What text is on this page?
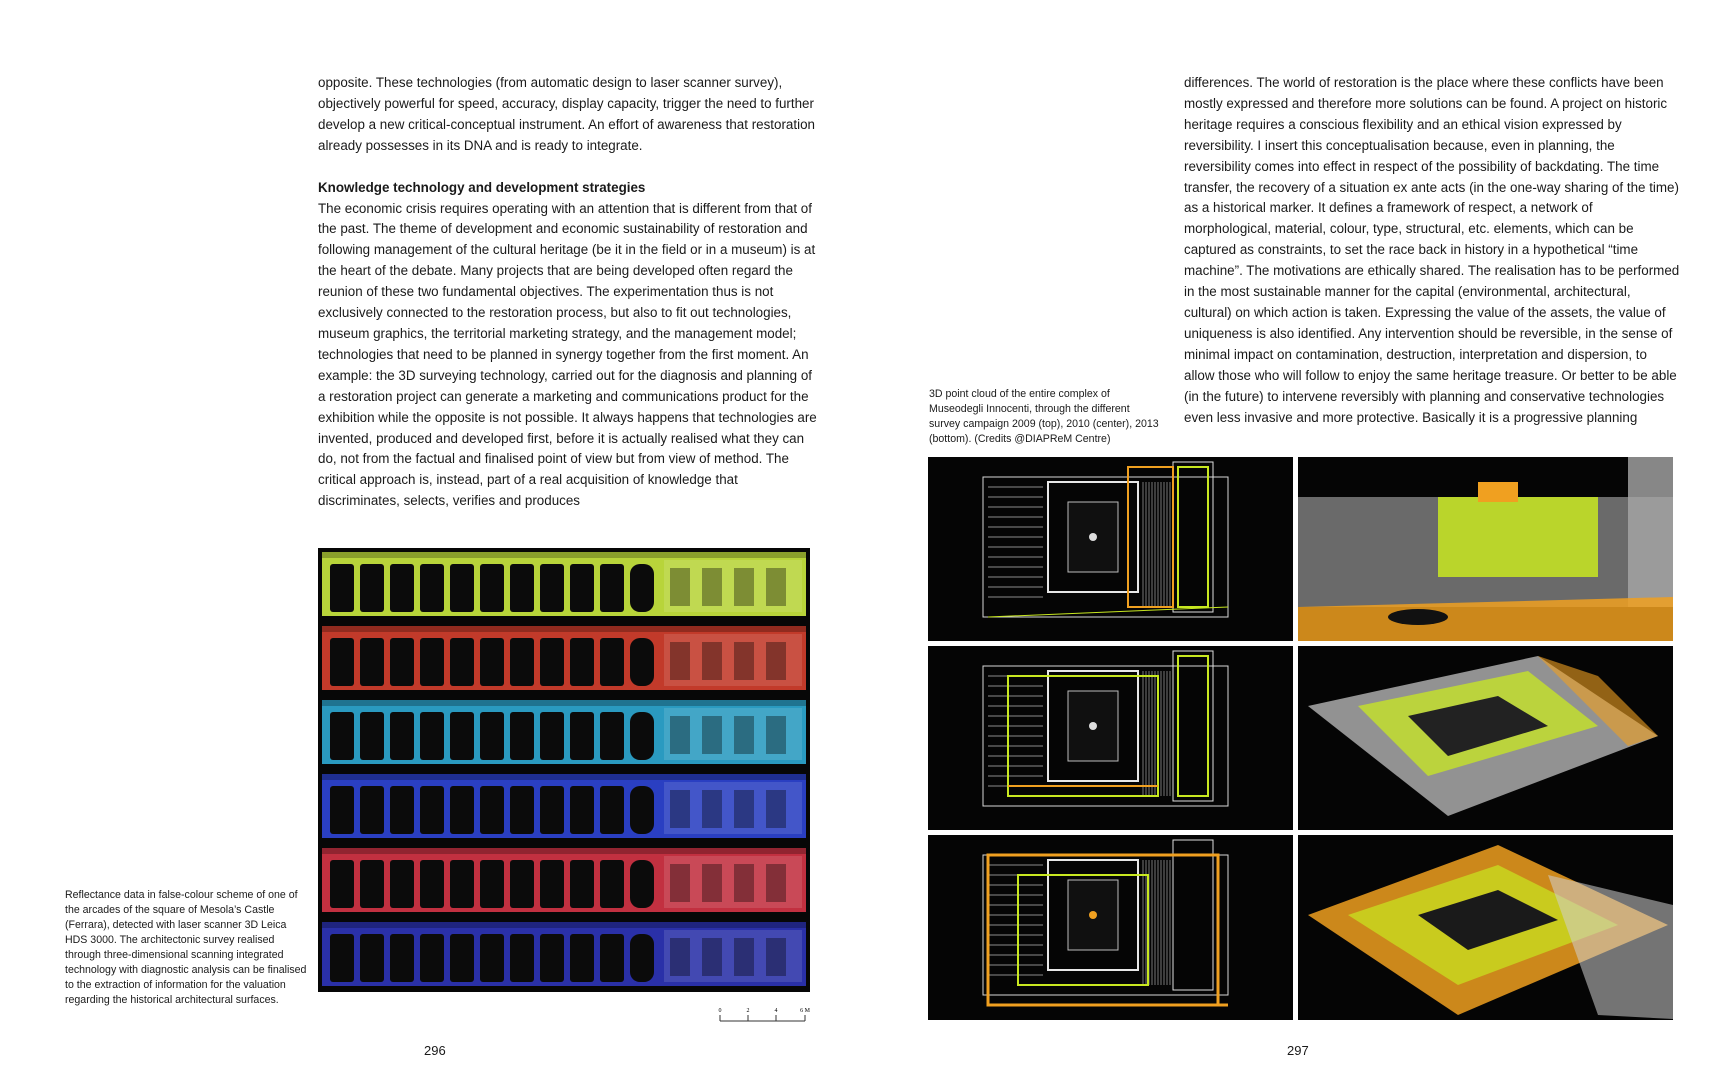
opposite. These technologies (from automatic design to laser scanner survey), objectively powerful for speed, accuracy, display capacity, trigger the need to further develop a new critical-conceptual instrument. An effort of awareness that restoration already possesses in its DNA and is ready to integrate.

Knowledge technology and development strategies

The economic crisis requires operating with an attention that is different from that of the past. The theme of development and economic sustainability of restoration and following management of the cultural heritage (be it in the field or in a museum) is at the heart of the debate. Many projects that are being developed often regard the reunion of these two fundamental objectives. The experimentation thus is not exclusively connected to the restoration process, but also to fit out technologies, museum graphics, the territorial marketing strategy, and the management model; technologies that need to be planned in synergy together from the first moment. An example: the 3D surveying technology, carried out for the diagnosis and planning of a restoration project can generate a marketing and communications product for the exhibition while the opposite is not possible. It always happens that technologies are invented, produced and developed first, before it is actually realised what they can do, not from the factual and finalised point of view but from view of method. The critical approach is, instead, part of a real acquisition of knowledge that discriminates, selects, verifies and produces

0	2	4	6 M

Reflectance data in false-colour scheme of one of the arcades of the square of Mesola’s Castle (Ferrara), detected with laser scanner 3D Leica HDS 3000. The architectonic survey realised through three-dimensional scanning integrated technology with diagnostic analysis can be finalised to the extraction of information for the valuation regarding the historical architectural surfaces.

296

differences. The world of restoration is the place where these conflicts have been mostly expressed and therefore more solutions can be found. A project on historic heritage requires a conscious flexibility and an ethical vision expressed by reversibility. I insert this conceptualisation because, even in planning, the reversibility comes into effect in respect of the possibility of backdating. The time transfer, the recovery of a situation ex ante acts (in the one-way sharing of the time) as a historical marker. It defines a framework of respect, a network of morphological, material, colour, type, structural, etc. elements, which can be captured as constraints, to set the race back in history in a hypothetical “time machine”. The motivations are ethically shared. The realisation has to be performed in the most sustainable manner for the capital (environmental, architectural, cultural) on which action is taken. Expressing the value of the assets, the value of uniqueness is also identified. Any intervention should be reversible, in the sense of minimal impact on contamination, destruction, interpretation and dispersion, to allow those who will follow to enjoy the same heritage treasure. Or better to be able (in the future) to intervene reversibly with planning and conservative technologies even less invasive and more protective. Basically it is a progressive planning

3D point cloud of the entire complex of Museodegli Innocenti, through the different survey campaign 2009 (top), 2010 (center), 2013 (bottom). (Credits @DIAPReM Centre)

297
